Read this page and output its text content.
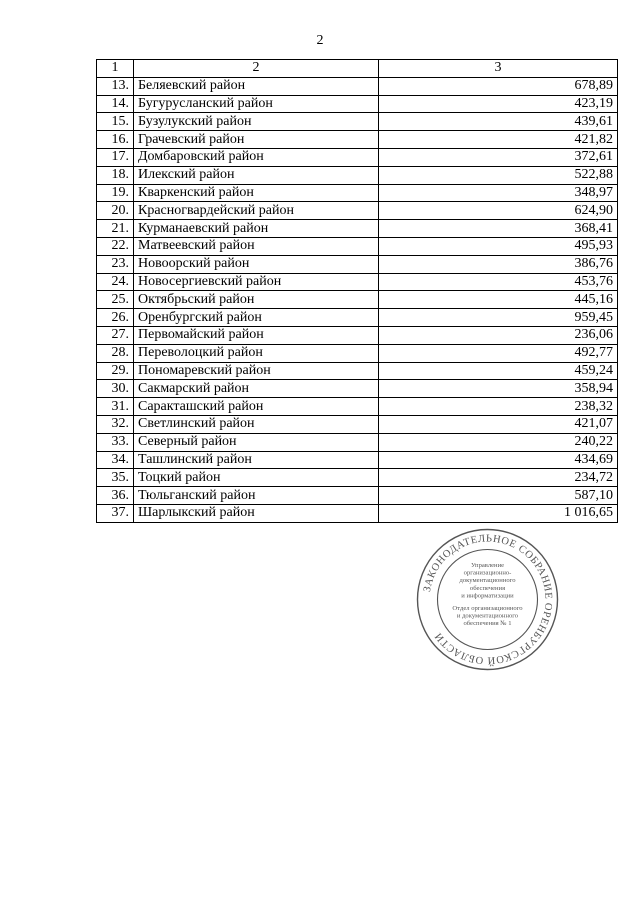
2
1	2	3
13.	Беляевский район	678,89
14.	Бугурусланский район	423,19
15.	Бузулукский район	439,61
16.	Грачевский район	421,82
17.	Домбаровский район	372,61
18.	Илекский район	522,88
19.	Кваркенский район	348,97
20.	Красногвардейский район	624,90
21.	Курманаевский район	368,41
22.	Матвеевский район	495,93
23.	Новоорский район	386,76
24.	Новосергиевский район	453,76
25.	Октябрьский район	445,16
26.	Оренбургский район	959,45
27.	Первомайский район	236,06
28.	Переволоцкий район	492,77
29.	Пономаревский район	459,24
30.	Сакмарский район	358,94
31.	Саракташский район	238,32
32.	Светлинский район	421,07
33.	Северный район	240,22
34.	Ташлинский район	434,69
35.	Тоцкий район	234,72
36.	Тюльганский район	587,10
37.	Шарлыкский район	1 016,65
ЗАКОНОДАТЕЛЬНОЕ СОБРАНИЕ ОРЕНБУРГСКОЙ ОБЛАСТИ
Управление
организационно-
документационного
обеспечения
и информатизации
Отдел организационного
и документационного
обеспечения № 1
